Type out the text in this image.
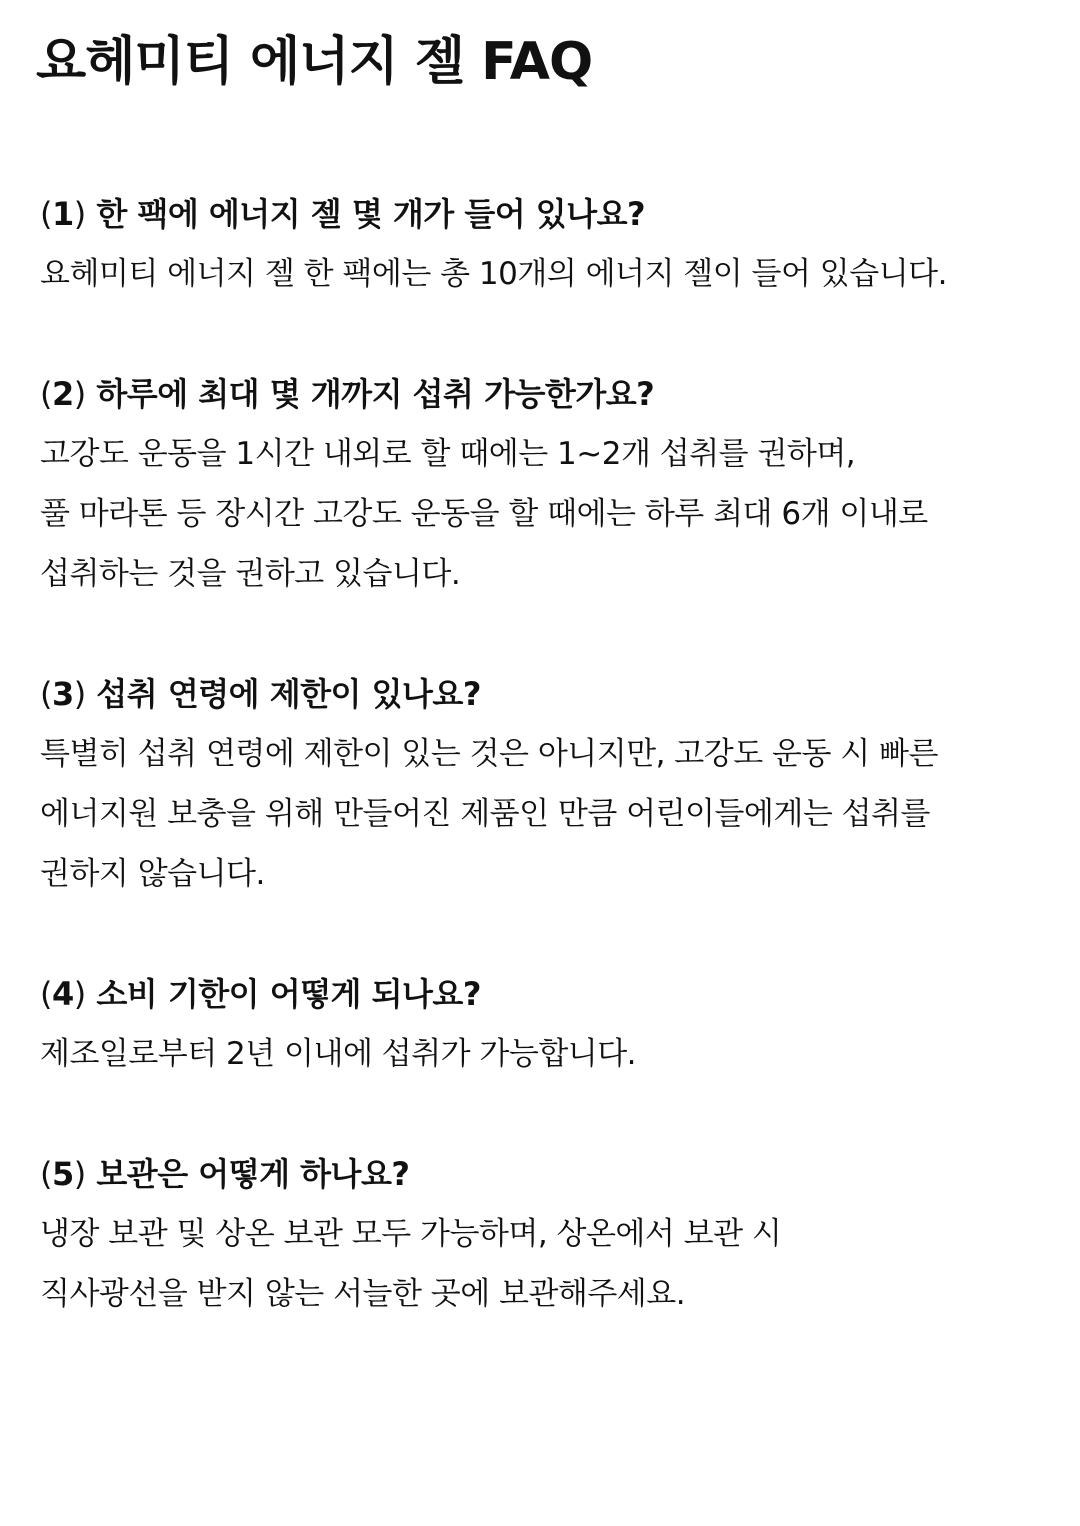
요헤미티 에너지 젤 FAQ

(1) 한 팩에 에너지 젤 몇 개가 들어 있나요?

요헤미티 에너지 젤 한 팩에는 총 10개의 에너지 젤이 들어 있습니다.

(2) 하루에 최대 몇 개까지 섭취 가능한가요?

고강도 운동을 1시간 내외로 할 때에는 1~2개 섭취를 권하며,

풀 마라톤 등 장시간 고강도 운동을 할 때에는 하루 최대 6개 이내로

섭취하는 것을 권하고 있습니다.

(3) 섭취 연령에 제한이 있나요?

특별히 섭취 연령에 제한이 있는 것은 아니지만, 고강도 운동 시 빠른

에너지원 보충을 위해 만들어진 제품인 만큼 어린이들에게는 섭취를

권하지 않습니다.

(4) 소비 기한이 어떻게 되나요?

제조일로부터 2년 이내에 섭취가 가능합니다.

(5) 보관은 어떻게 하나요?

냉장 보관 및 상온 보관 모두 가능하며, 상온에서 보관 시

직사광선을 받지 않는 서늘한 곳에 보관해주세요.
